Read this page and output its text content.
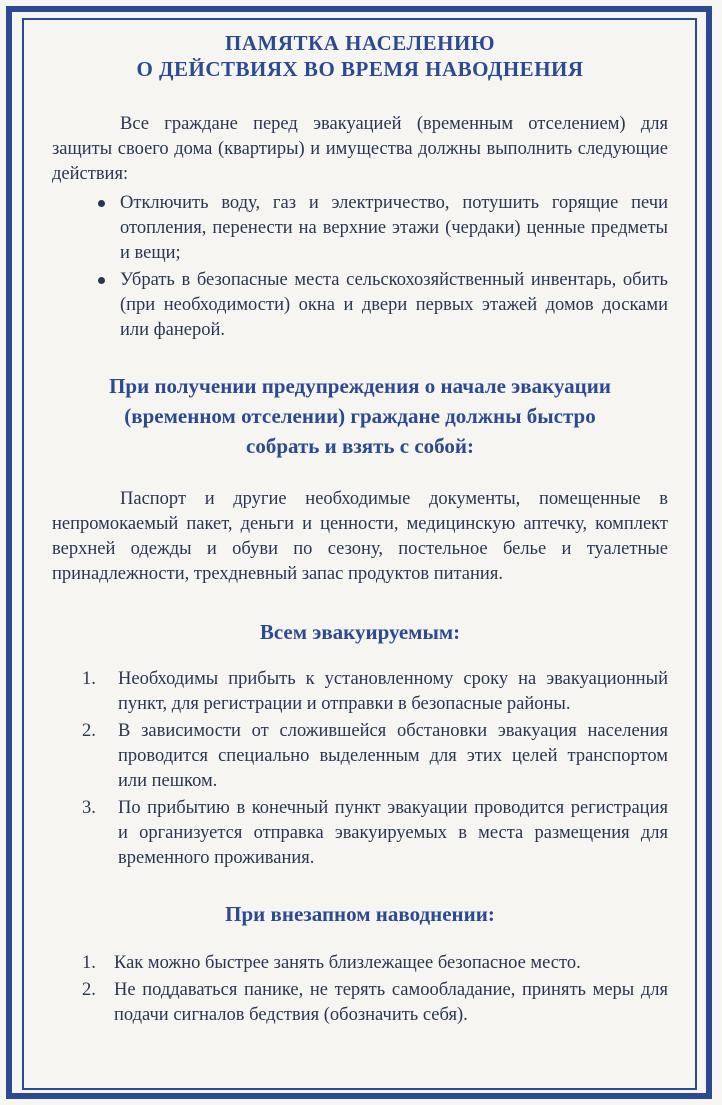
ПАМЯТКА НАСЕЛЕНИЮ
О ДЕЙСТВИЯХ ВО ВРЕМЯ НАВОДНЕНИЯ

Все граждане перед эвакуацией (временным отселением) для защиты своего дома (квартиры) и имущества должны выполнить следующие действия:

Отключить воду, газ и электричество, потушить горящие печи отопления, перенести на верхние этажи (чердаки) ценные предметы и вещи;
Убрать в безопасные места сельскохозяйственный инвентарь, обить (при необходимости) окна и двери первых этажей домов досками или фанерой.
При получении предупреждения о начале эвакуации
(временном отселении) граждане должны быстро
собрать и взять с собой:

Паспорт и другие необходимые документы, помещенные в непромокаемый пакет, деньги и ценности, медицинскую аптечку, комплект верхней одежды и обуви по сезону, постельное белье и туалетные принадлежности, трехдневный запас продуктов питания.

Всем эвакуируемым:
1. Необходимы прибыть к установленному сроку на эвакуационный пункт, для регистрации и отправки в безопасные районы.
2. В зависимости от сложившейся обстановки эвакуация населения проводится специально выделенным для этих целей транспортом или пешком.
3. По прибытию в конечный пункт эвакуации проводится регистрация и организуется отправка эвакуируемых в места размещения для временного проживания.
При внезапном наводнении:
1. Как можно быстрее занять близлежащее безопасное место.
2. Не поддаваться панике, не терять самообладание, принять меры для подачи сигналов бедствия (обозначить себя).
